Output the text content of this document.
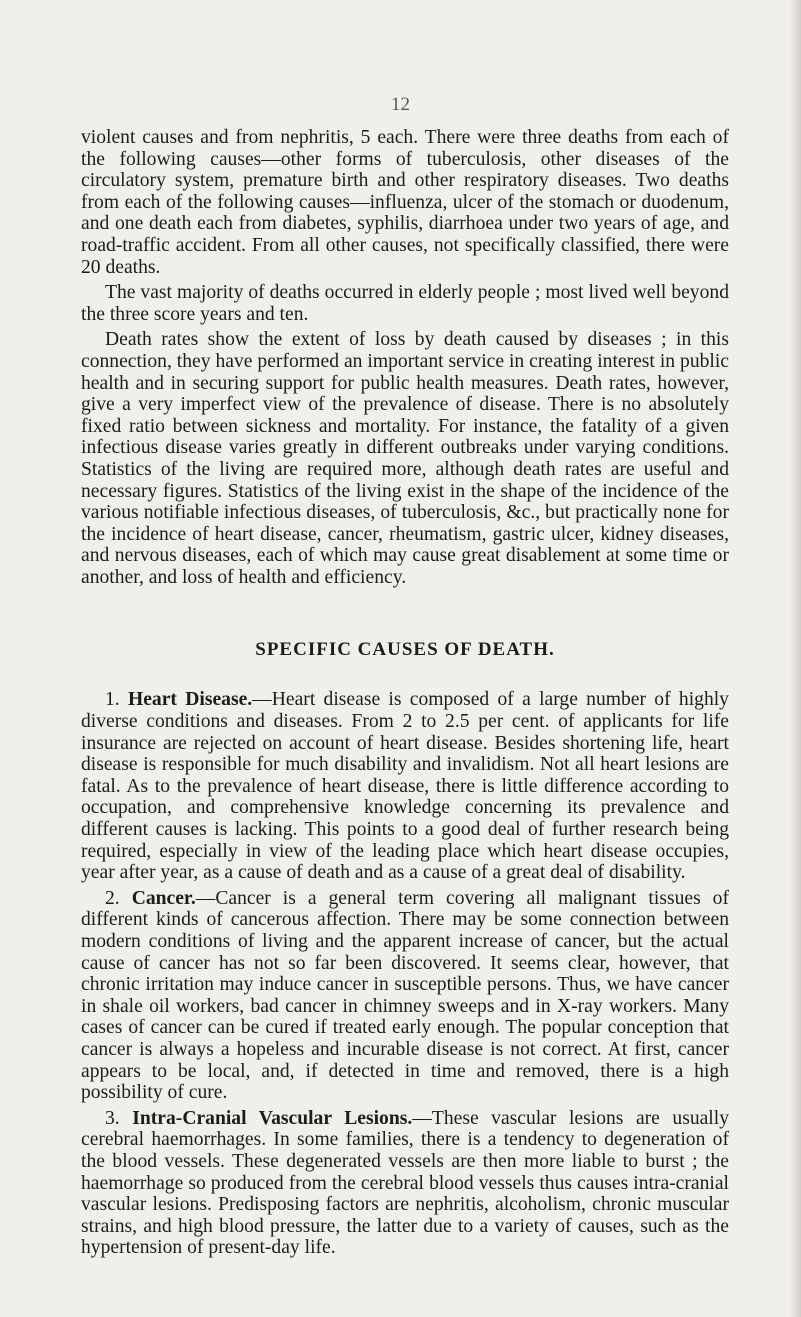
12

violent causes and from nephritis, 5 each. There were three deaths from each of the following causes—other forms of tuberculosis, other diseases of the circulatory system, premature birth and other respiratory diseases. Two deaths from each of the following causes—influenza, ulcer of the stomach or duodenum, and one death each from diabetes, syphilis, diarrhoea under two years of age, and road-traffic accident. From all other causes, not specifically classified, there were 20 deaths.

The vast majority of deaths occurred in elderly people ; most lived well beyond the three score years and ten.

Death rates show the extent of loss by death caused by diseases ; in this connection, they have performed an important service in creating interest in public health and in securing support for public health measures. Death rates, however, give a very imperfect view of the prevalence of disease. There is no absolutely fixed ratio between sickness and mortality. For instance, the fatality of a given infectious disease varies greatly in different outbreaks under varying conditions. Statistics of the living are required more, although death rates are useful and necessary figures. Statistics of the living exist in the shape of the incidence of the various notifiable infectious diseases, of tuberculosis, &c., but practically none for the incidence of heart disease, cancer, rheumatism, gastric ulcer, kidney diseases, and nervous diseases, each of which may cause great disablement at some time or another, and loss of health and efficiency.

SPECIFIC CAUSES OF DEATH.

1. Heart Disease.—Heart disease is composed of a large number of highly diverse conditions and diseases. From 2 to 2.5 per cent. of applicants for life insurance are rejected on account of heart disease. Besides shortening life, heart disease is responsible for much disability and invalidism. Not all heart lesions are fatal. As to the prevalence of heart disease, there is little difference according to occupation, and comprehensive knowledge concerning its prevalence and different causes is lacking. This points to a good deal of further research being required, especially in view of the leading place which heart disease occupies, year after year, as a cause of death and as a cause of a great deal of disability.

2. Cancer.—Cancer is a general term covering all malignant tissues of different kinds of cancerous affection. There may be some connection between modern conditions of living and the apparent increase of cancer, but the actual cause of cancer has not so far been discovered. It seems clear, however, that chronic irritation may induce cancer in susceptible persons. Thus, we have cancer in shale oil workers, bad cancer in chimney sweeps and in X-ray workers. Many cases of cancer can be cured if treated early enough. The popular conception that cancer is always a hopeless and incurable disease is not correct. At first, cancer appears to be local, and, if detected in time and removed, there is a high possibility of cure.

3. Intra-Cranial Vascular Lesions.—These vascular lesions are usually cerebral haemorrhages. In some families, there is a tendency to degeneration of the blood vessels. These degenerated vessels are then more liable to burst ; the haemorrhage so produced from the cerebral blood vessels thus causes intra-cranial vascular lesions. Predisposing factors are nephritis, alcoholism, chronic muscular strains, and high blood pressure, the latter due to a variety of causes, such as the hypertension of present-day life.
